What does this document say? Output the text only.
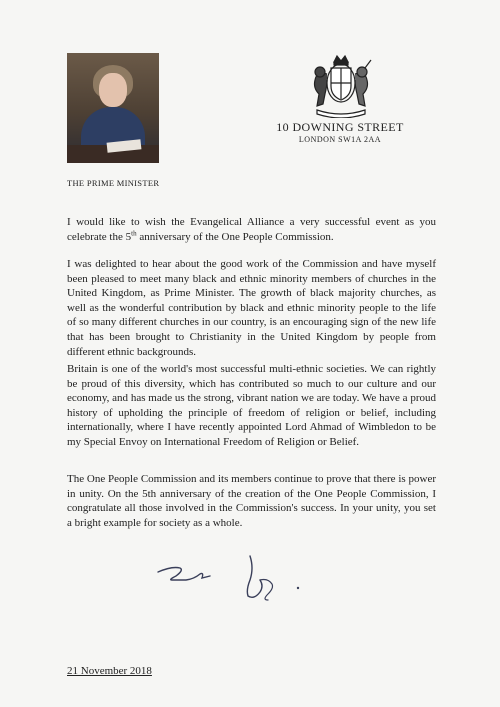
10 DOWNING STREET
LONDON SW1A 2AA
THE PRIME MINISTER

I would like to wish the Evangelical Alliance a very successful event as you celebrate the 5th anniversary of the One People Commission.

I was delighted to hear about the good work of the Commission and have myself been pleased to meet many black and ethnic minority members of churches in the United Kingdom, as Prime Minister. The growth of black majority churches, as well as the wonderful contribution by black and ethnic minority people to the life of so many different churches in our country, is an encouraging sign of the new life that has been brought to Christianity in the United Kingdom by people from different ethnic backgrounds.

Britain is one of the world's most successful multi-ethnic societies. We can rightly be proud of this diversity, which has contributed so much to our culture and our economy, and has made us the strong, vibrant nation we are today. We have a proud history of upholding the principle of freedom of religion or belief, including internationally, where I have recently appointed Lord Ahmad of Wimbledon to be my Special Envoy on International Freedom of Religion or Belief.

The One People Commission and its members continue to prove that there is power in unity. On the 5th anniversary of the creation of the One People Commission, I congratulate all those involved in the Commission's success. In your unity, you set a bright example for society as a whole.

21 November 2018
